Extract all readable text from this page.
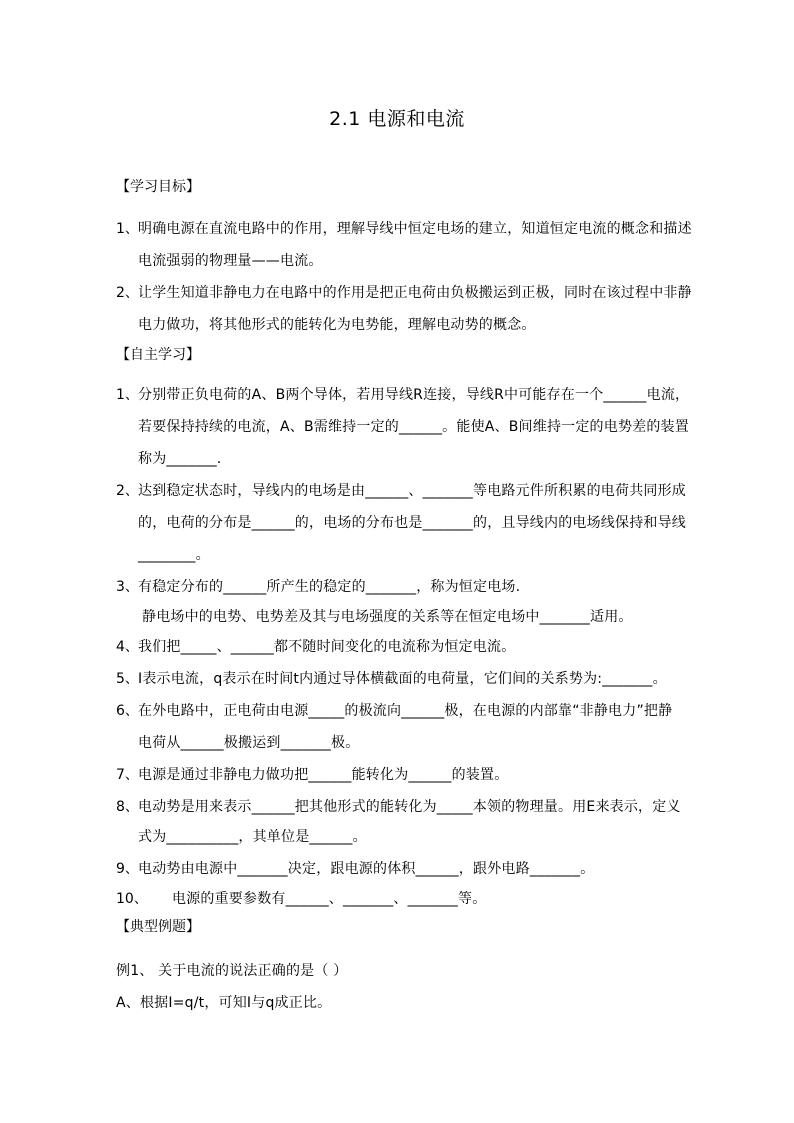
2.1 电源和电流
【学习目标】
1、 明确电源在直流电路中的作用，理解导线中恒定电场的建立，知道恒定电流的概念和描述
电流强弱的物理量——电流。
2、 让学生知道非静电力在电路中的作用是把正电荷由负极搬运到正极，同时在该过程中非静
电力做功，将其他形式的能转化为电势能，理解电动势的概念。
【自主学习】
1、 分别带正负电荷的A、B两个导体，若用导线R连接，导线R中可能存在一个______电流，
若要保持持续的电流，A、B需维持一定的______。能使A、B间维持一定的电势差的装置
称为_______.
2、 达到稳定状态时，导线内的电场是由______、_______等电路元件所积累的电荷共同形成
的，电荷的分布是______的，电场的分布也是_______的，且导线内的电场线保持和导线
________。
3、 有稳定分布的______所产生的稳定的_______，称为恒定电场.
静电场中的电势、电势差及其与电场强度的关系等在恒定电场中_______适用。
4、 我们把_____、______都不随时间变化的电流称为恒定电流。
5、 I表示电流，q表示在时间t内通过导体横截面的电荷量，它们间的关系势为:_______。
6、 在外电路中，正电荷由电源_____的极流向______极，在电源的内部靠“非静电力”把静
电荷从______极搬运到_______极。
7、 电源是通过非静电力做功把______能转化为______的装置。
8、 电动势是用来表示______把其他形式的能转化为_____本领的物理量。用E来表示，定义
式为__________，其单位是______。
9、 电动势由电源中_______决定，跟电源的体积______，跟外电路_______。
10、 电源的重要参数有______、_______、_______等。
【典型例题】
例1、 关于电流的说法正确的是（ ）
A、根据I=q/t，可知I与q成正比。
